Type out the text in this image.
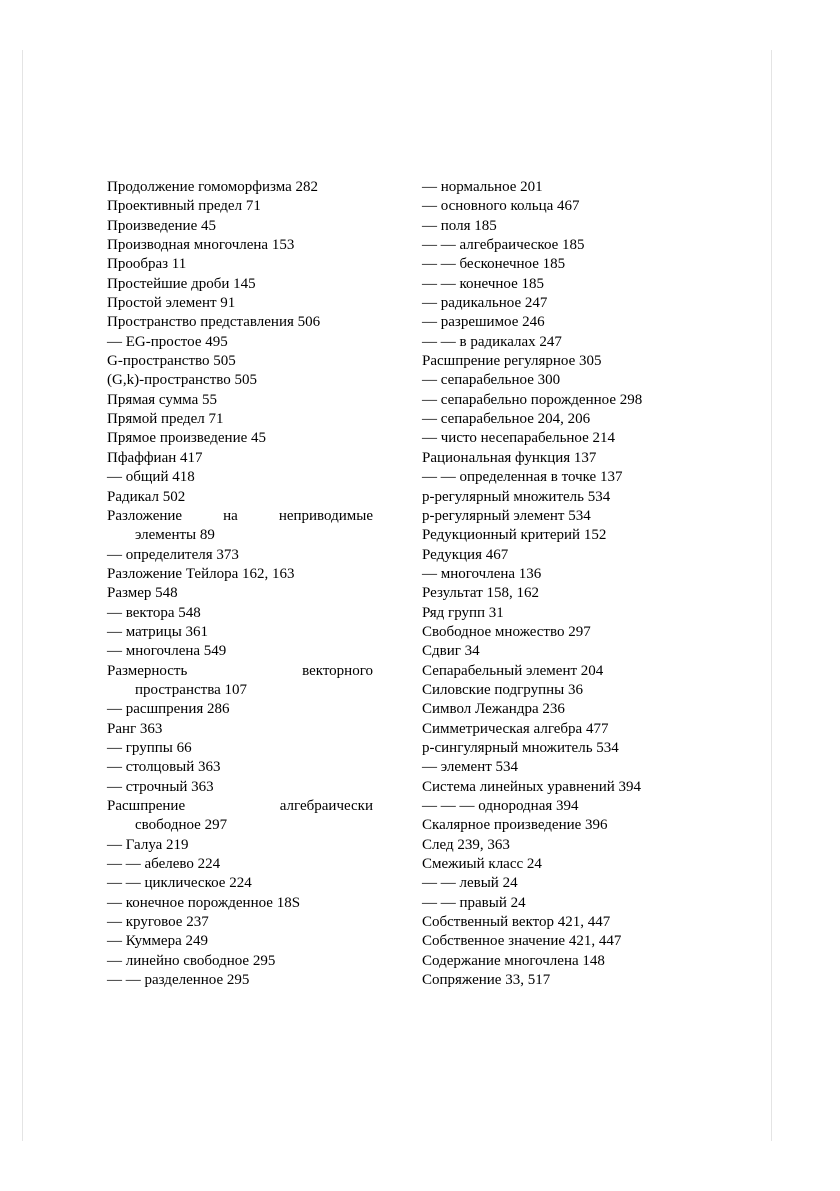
Продолжение гомоморфизма 282
Проективный предел 71
Произведение 45
Производная многочлена 153
Прообраз 11
Простейшие дроби 145
Простой элемент 91
Пространство представления 506
— EG-простое 495
G-пространство 505
(G,k)-пространство 505
Прямая сумма 55
Прямой предел 71
Прямое произведение 45
Пфаффиан 417
— общий 418
Радикал 502
Разложение на неприводимые
элементы 89
— определителя 373
Разложение Тейлора 162, 163
Размер 548
— вектора 548
— матрицы 361
— многочлена 549
Размерность векторного
пространства 107
— расшпрения 286
Ранг 363
— группы 66
— столцовый 363
— строчный 363
Расшпрение алгебраически
свободное 297
— Галуа 219
— — абелево 224
— — циклическое 224
— конечное порожденное 18S
— круговое 237
— Куммера 249
— линейно свободное 295
— — разделенное 295
— нормальное 201
— основного кольца 467
— поля 185
— — алгебраическое 185
— — бесконечное 185
— — конечное 185
— радикальное 247
— разрешимое 246
— — в радикалах 247
Расшпрение регулярное 305
— сепарабельное 300
— сепарабельно порожденное 298
— сепарабельное 204, 206
— чисто несепарабельное 214
Рациональная функция 137
— — определенная в точке 137
p-регулярный множитель 534
p-регулярный элемент 534
Редукционный критерий 152
Редукция 467
— многочлена 136
Результат 158, 162
Ряд групп 31
Свободное множество 297
Сдвиг 34
Сепарабельный элемент 204
Силовские подгрупны 36
Символ Лежандра 236
Симметрическая алгебра 477
p-сингулярный множитель 534
— элемент 534
Система линейных уравнений 394
— — — однородная 394
Скалярное произведение 396
След 239, 363
Смежиый класс 24
— — левый 24
— — правый 24
Собственный вектор 421, 447
Собственное значение 421, 447
Содержание многочлена 148
Сопряжение 33, 517
